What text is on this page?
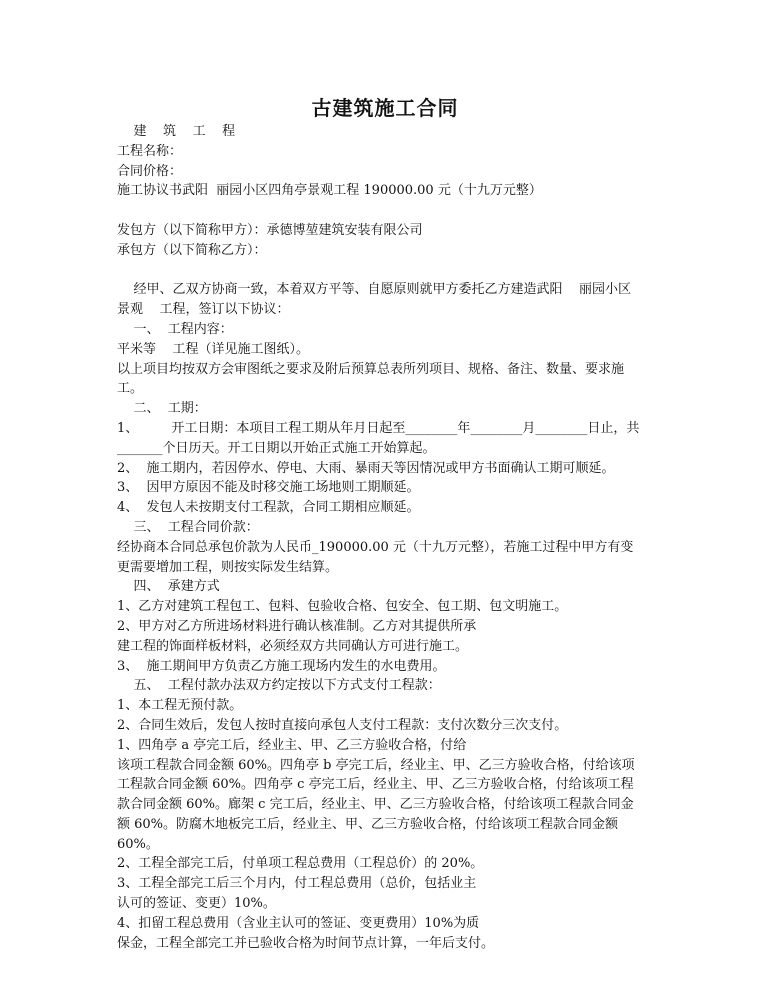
古建筑施工合同
建    筑    工    程
工程名称：
合同价格：
施工协议书武阳  丽园小区四角亭景观工程 190000.00 元（十九万元整）
发包方（以下简称甲方）：承德博堃建筑安装有限公司
承包方（以下简称乙方）：
经甲、乙双方协商一致，本着双方平等、自愿原则就甲方委托乙方建造武阳    丽园小区
景观    工程，签订以下协议：
一、  工程内容：
平米等    工程（详见施工图纸）。
以上项目均按双方会审图纸之要求及附后预算总表所列项目、规格、备注、数量、要求施
工。
二、  工期：
1、        开工日期：本项目工程工期从年月日起至________年________月________日止，共
_______个日历天。开工日期以开始正式施工开始算起。
2、  施工期内，若因停水、停电、大雨、暴雨天等因情况或甲方书面确认工期可顺延。
3、  因甲方原因不能及时移交施工场地则工期顺延。
4、  发包人未按期支付工程款，合同工期相应顺延。
三、  工程合同价款：
经协商本合同总承包价款为人民币_190000.00 元（十九万元整），若施工过程中甲方有变
更需要增加工程，则按实际发生结算。
四、  承建方式
1、乙方对建筑工程包工、包料、包验收合格、包安全、包工期、包文明施工。
2、甲方对乙方所进场材料进行确认核准制。乙方对其提供所承
建工程的饰面样板材料，必须经双方共同确认方可进行施工。
3、  施工期间甲方负责乙方施工现场内发生的水电费用。
五、  工程付款办法双方约定按以下方式支付工程款：
1、本工程无预付款。
2、合同生效后，发包人按时直接向承包人支付工程款：支付次数分三次支付。
1、四角亭 a 亭完工后，经业主、甲、乙三方验收合格，付给
该项工程款合同金额 60%。四角亭 b 亭完工后，经业主、甲、乙三方验收合格，付给该项
工程款合同金额 60%。四角亭 c 亭完工后，经业主、甲、乙三方验收合格，付给该项工程
款合同金额 60%。廊架 c 完工后，经业主、甲、乙三方验收合格，付给该项工程款合同金
额 60%。防腐木地板完工后，经业主、甲、乙三方验收合格，付给该项工程款合同金额
60%。
2、工程全部完工后，付单项工程总费用（工程总价）的 20%。
3、工程全部完工后三个月内，付工程总费用（总价，包括业主
认可的签证、变更）10%。
4、扣留工程总费用（含业主认可的签证、变更费用）10%为质
保金，工程全部完工并已验收合格为时间节点计算，一年后支付。
